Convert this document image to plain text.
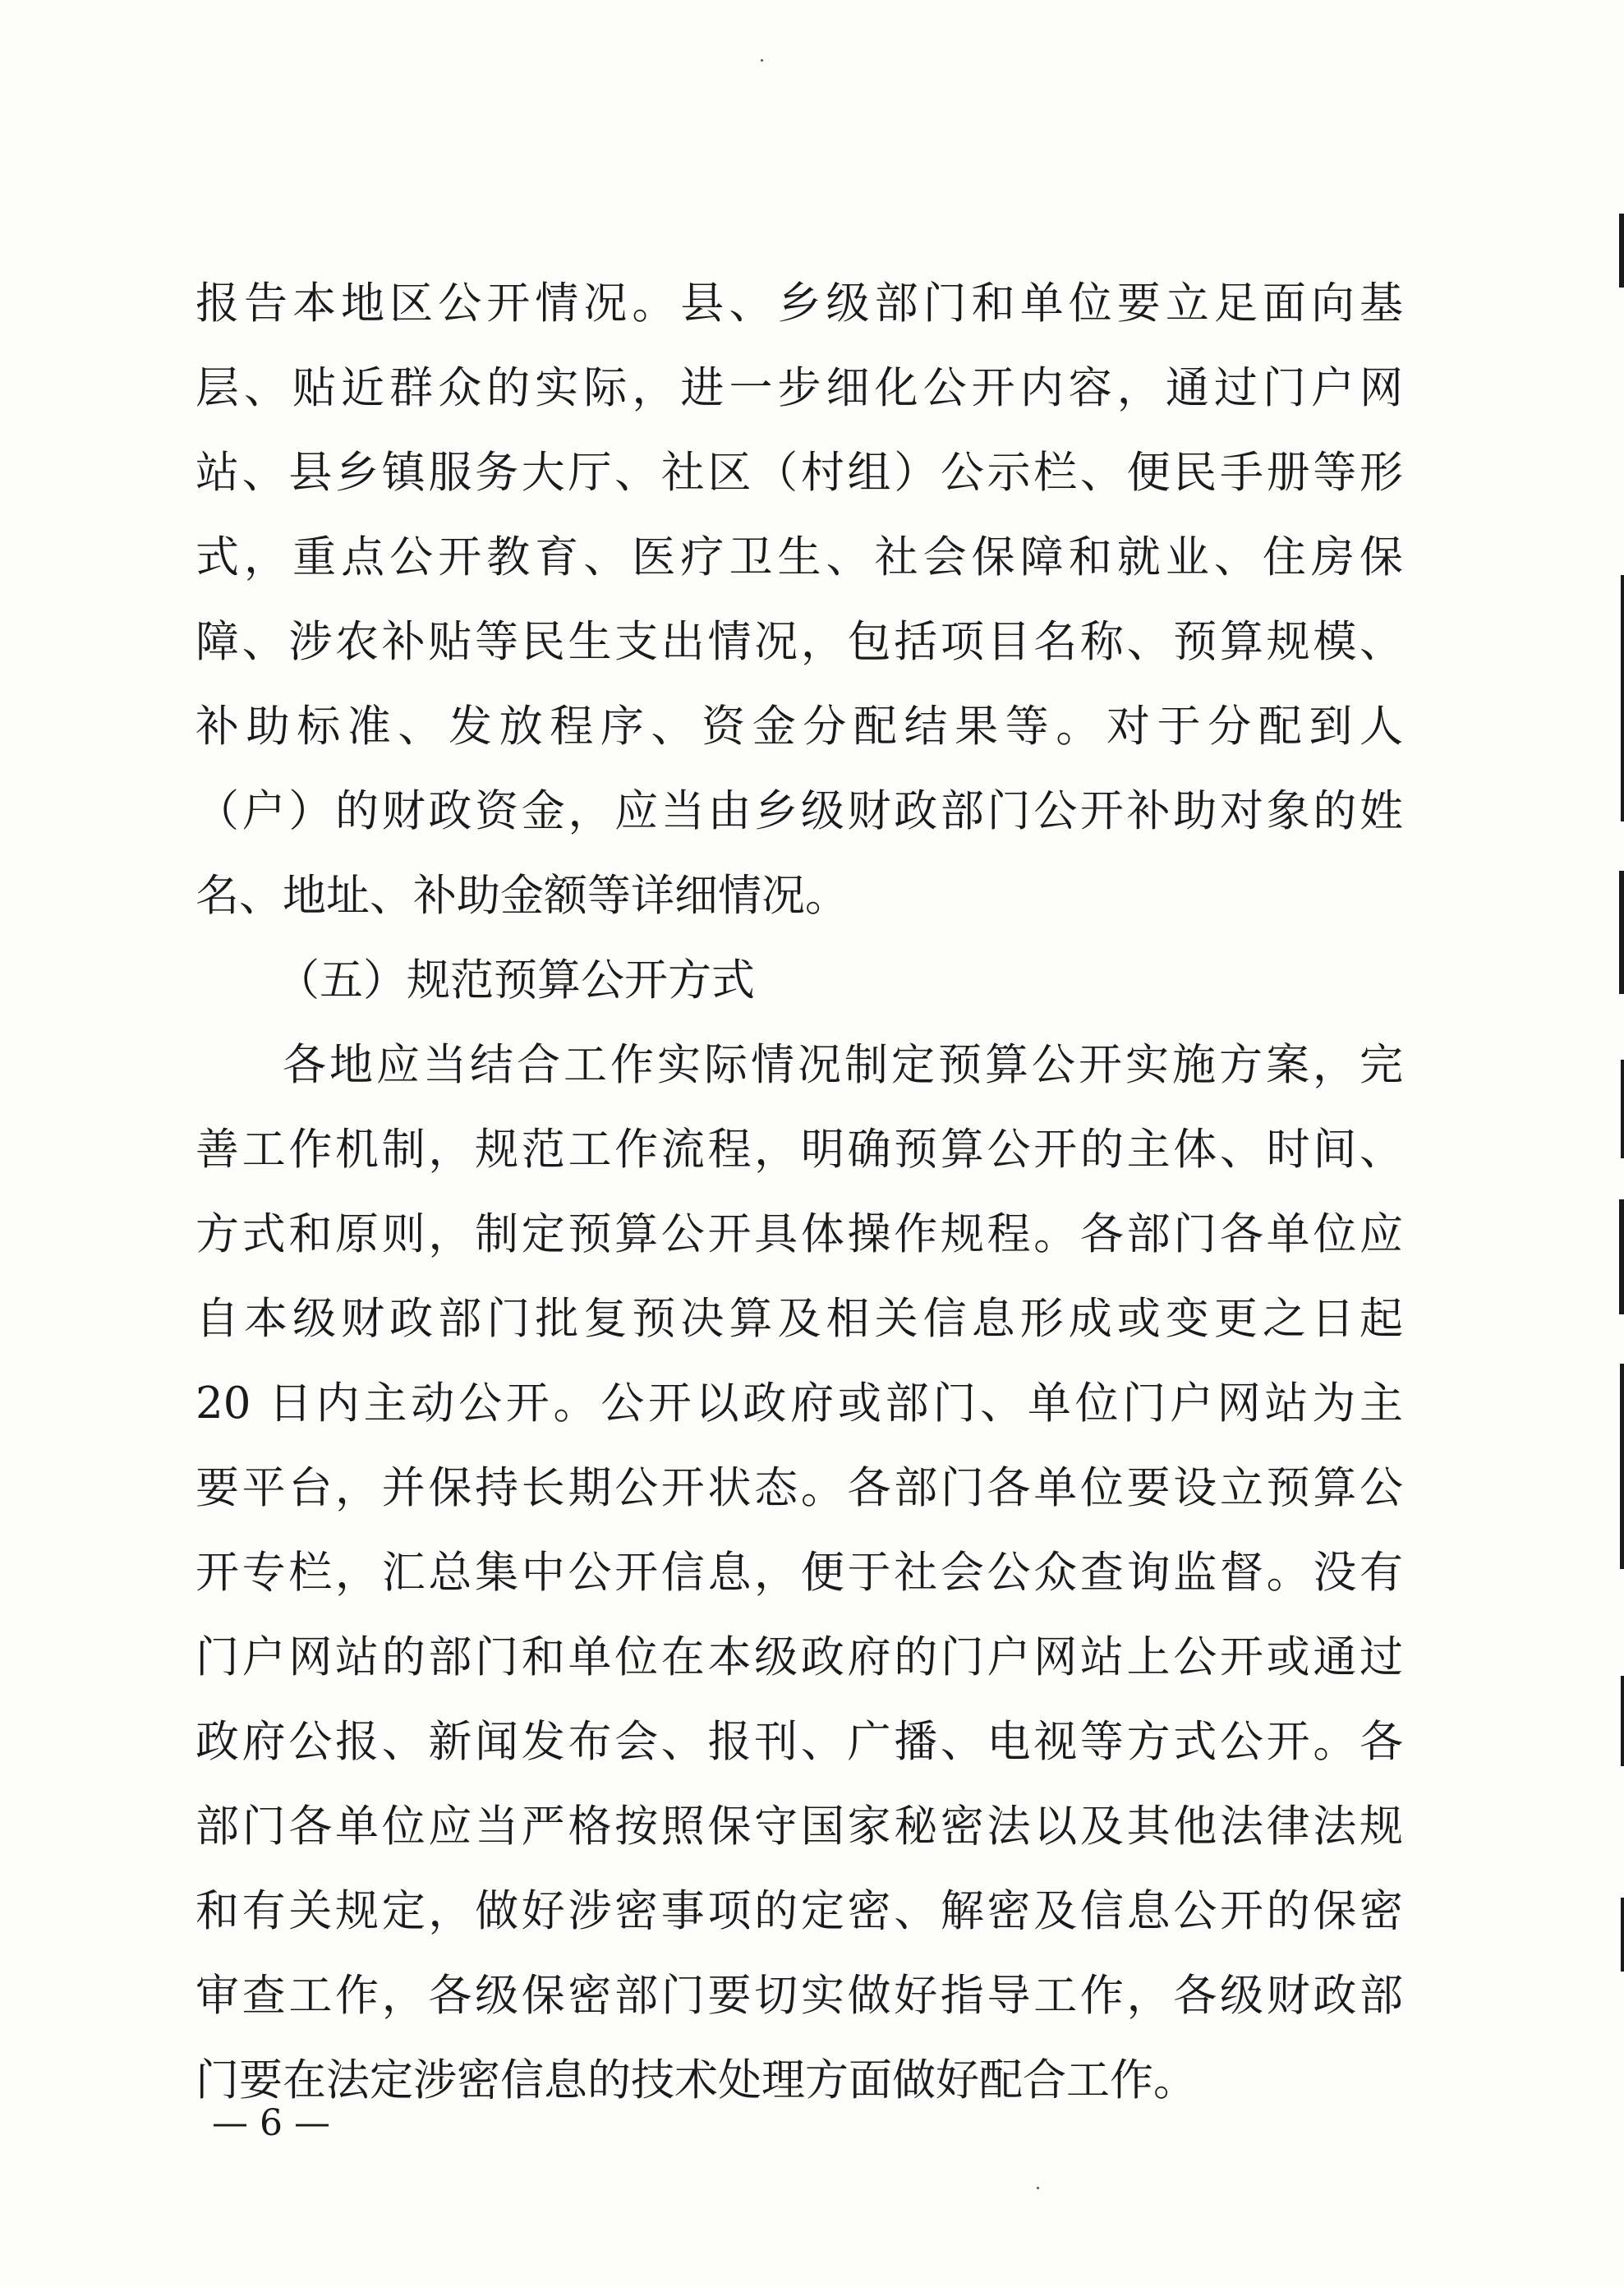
报告本地区公开情况。县、乡级部门和单位要立足面向基
层、贴近群众的实际，进一步细化公开内容，通过门户网
站、县乡镇服务大厅、社区（村组）公示栏、便民手册等形
式，重点公开教育、医疗卫生、社会保障和就业、住房保
障、涉农补贴等民生支出情况，包括项目名称、预算规模、
补助标准、发放程序、资金分配结果等。对于分配到人
（户）的财政资金，应当由乡级财政部门公开补助对象的姓
名、地址、补助金额等详细情况。
（五）规范预算公开方式
各地应当结合工作实际情况制定预算公开实施方案，完
善工作机制，规范工作流程，明确预算公开的主体、时间、
方式和原则，制定预算公开具体操作规程。各部门各单位应
自本级财政部门批复预决算及相关信息形成或变更之日起
20 日内主动公开。公开以政府或部门、单位门户网站为主
要平台，并保持长期公开状态。各部门各单位要设立预算公
开专栏，汇总集中公开信息，便于社会公众查询监督。没有
门户网站的部门和单位在本级政府的门户网站上公开或通过
政府公报、新闻发布会、报刊、广播、电视等方式公开。各
部门各单位应当严格按照保守国家秘密法以及其他法律法规
和有关规定，做好涉密事项的定密、解密及信息公开的保密
审查工作，各级保密部门要切实做好指导工作，各级财政部
门要在法定涉密信息的技术处理方面做好配合工作。
— 6 —
